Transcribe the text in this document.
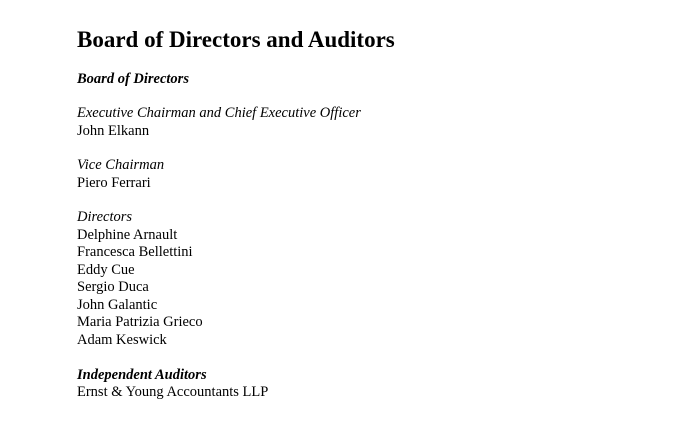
Board of Directors and Auditors
Board of Directors
Executive Chairman and Chief Executive Officer
John Elkann
Vice Chairman
Piero Ferrari
Directors
Delphine Arnault
Francesca Bellettini
Eddy Cue
Sergio Duca
John Galantic
Maria Patrizia Grieco
Adam Keswick
Independent Auditors
Ernst & Young Accountants LLP
